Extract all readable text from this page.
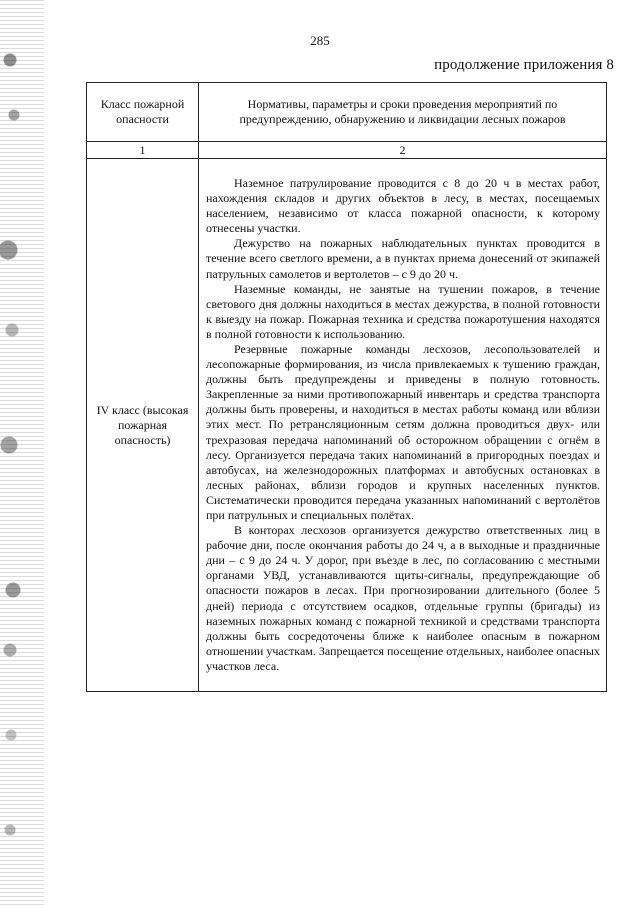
285
продолжение приложения 8
Класс пожарной опасности	Нормативы, параметры и сроки проведения мероприятий по предупреждению, обнаружению и ликвидации лесных пожаров
1	2
IV класс (высокая пожарная опасность)	Наземное патрулирование проводится с 8 до 20 ч в местах работ, нахождения складов и других объектов в лесу, в местах, посещаемых населением, независимо от класса пожарной опасности, к которому отнесены участки.

Дежурство на пожарных наблюдательных пунктах проводится в течение всего светлого времени, а в пунктах приема донесений от экипажей патрульных самолетов и вертолетов – с 9 до 20 ч.

Наземные команды, не занятые на тушении пожаров, в течение светового дня должны находиться в местах дежурства, в полной готовности к выезду на пожар. Пожарная техника и средства пожаротушения находятся в полной готовности к использованию.

Резервные пожарные команды лесхозов, лесопользователей и лесопожарные формирования, из числа привлекаемых к тушению граждан, должны быть предупреждены и приведены в полную готовность. Закрепленные за ними противопожарный инвентарь и средства транспорта должны быть проверены, и находиться в местах работы команд или вблизи этих мест. По ретрансляционным сетям должна проводиться двух- или трехразовая передача напоминаний об осторожном обращении с огнём в лесу. Организуется передача таких напоминаний в пригородных поездах и автобусах, на железнодорожных платформах и автобусных остановках в лесных районах, вблизи городов и крупных населенных пунктов. Систематически проводится передача указанных напоминаний с вертолётов при патрульных и специальных полётах.

В конторах лесхозов организуется дежурство ответственных лиц в рабочие дни, после окончания работы до 24 ч, а в выходные и праздничные дни – с 9 до 24 ч. У дорог, при въезде в лес, по согласованию с местными органами УВД, устанавливаются щиты-сигналы, предупреждающие об опасности пожаров в лесах. При прогнозировании длительного (более 5 дней) периода с отсутствием осадков, отдельные группы (бригады) из наземных пожарных команд с пожарной техникой и средствами транспорта должны быть сосредоточены ближе к наиболее опасным в пожарном отношении участкам. Запрещается посещение отдельных, наиболее опасных участков леса.
